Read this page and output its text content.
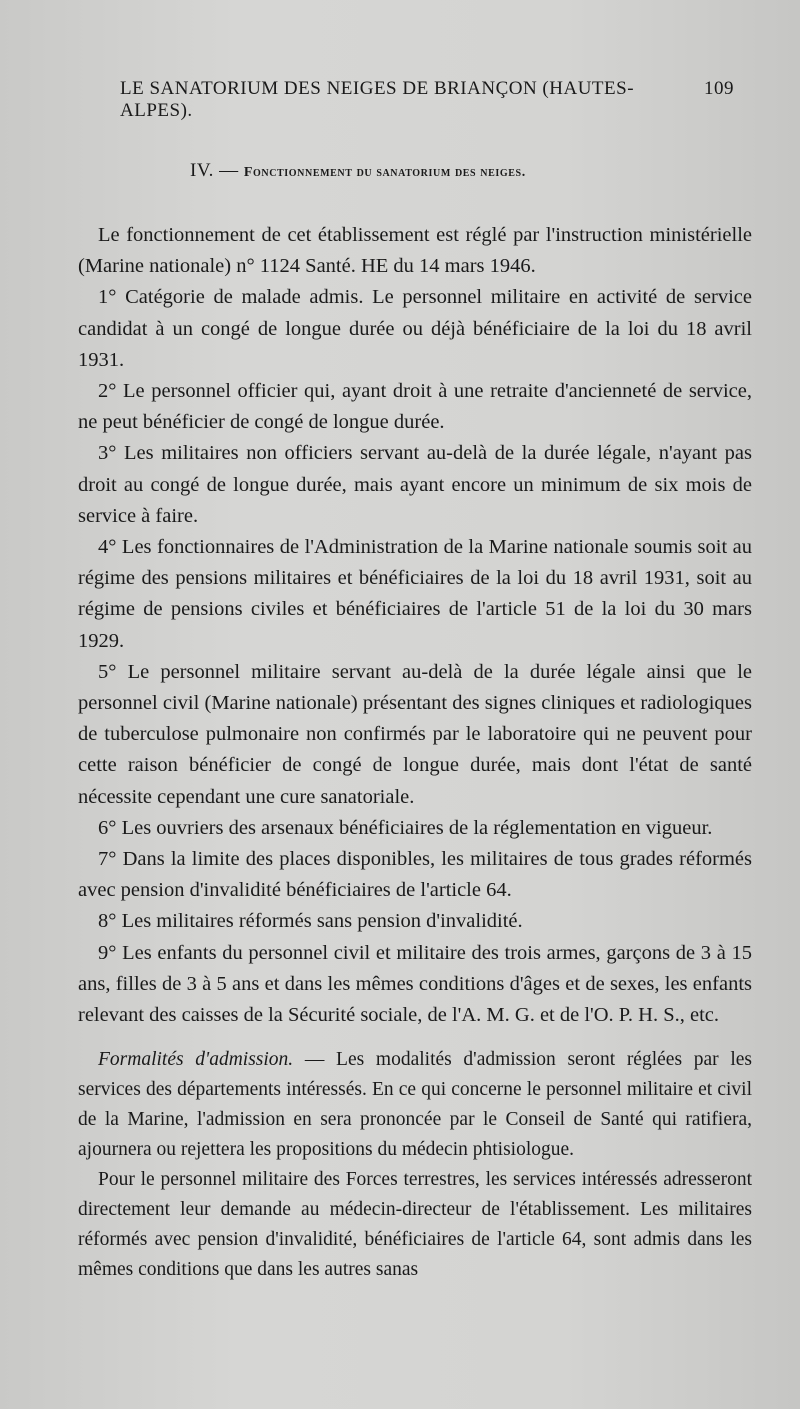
LE SANATORIUM DES NEIGES DE BRIANÇON (HAUTES-ALPES).
109
IV. — Fonctionnement du sanatorium des neiges.

Le fonctionnement de cet établissement est réglé par l'instruction ministérielle (Marine nationale) n° 1124 Santé. HE du 14 mars 1946.

1° Catégorie de malade admis. Le personnel militaire en activité de service candidat à un congé de longue durée ou déjà bénéficiaire de la loi du 18 avril 1931.

2° Le personnel officier qui, ayant droit à une retraite d'ancienneté de service, ne peut bénéficier de congé de longue durée.

3° Les militaires non officiers servant au-delà de la durée légale, n'ayant pas droit au congé de longue durée, mais ayant encore un minimum de six mois de service à faire.

4° Les fonctionnaires de l'Administration de la Marine nationale soumis soit au régime des pensions militaires et bénéficiaires de la loi du 18 avril 1931, soit au régime de pensions civiles et bénéficiaires de l'article 51 de la loi du 30 mars 1929.

5° Le personnel militaire servant au-delà de la durée légale ainsi que le personnel civil (Marine nationale) présentant des signes cliniques et radiologiques de tuberculose pulmonaire non confirmés par le laboratoire qui ne peuvent pour cette raison bénéficier de congé de longue durée, mais dont l'état de santé nécessite cependant une cure sanatoriale.

6° Les ouvriers des arsenaux bénéficiaires de la réglementation en vigueur.

7° Dans la limite des places disponibles, les militaires de tous grades réformés avec pension d'invalidité bénéficiaires de l'article 64.

8° Les militaires réformés sans pension d'invalidité.

9° Les enfants du personnel civil et militaire des trois armes, garçons de 3 à 15 ans, filles de 3 à 5 ans et dans les mêmes conditions d'âges et de sexes, les enfants relevant des caisses de la Sécurité sociale, de l'A. M. G. et de l'O. P. H. S., etc.

Formalités d'admission. — Les modalités d'admission seront réglées par les services des départements intéressés. En ce qui concerne le personnel militaire et civil de la Marine, l'admission en sera prononcée par le Conseil de Santé qui ratifiera, ajournera ou rejettera les propositions du médecin phtisiologue.

Pour le personnel militaire des Forces terrestres, les services intéressés adresseront directement leur demande au médecin-directeur de l'établissement. Les militaires réformés avec pension d'invalidité, bénéficiaires de l'article 64, sont admis dans les mêmes conditions que dans les autres sanas
